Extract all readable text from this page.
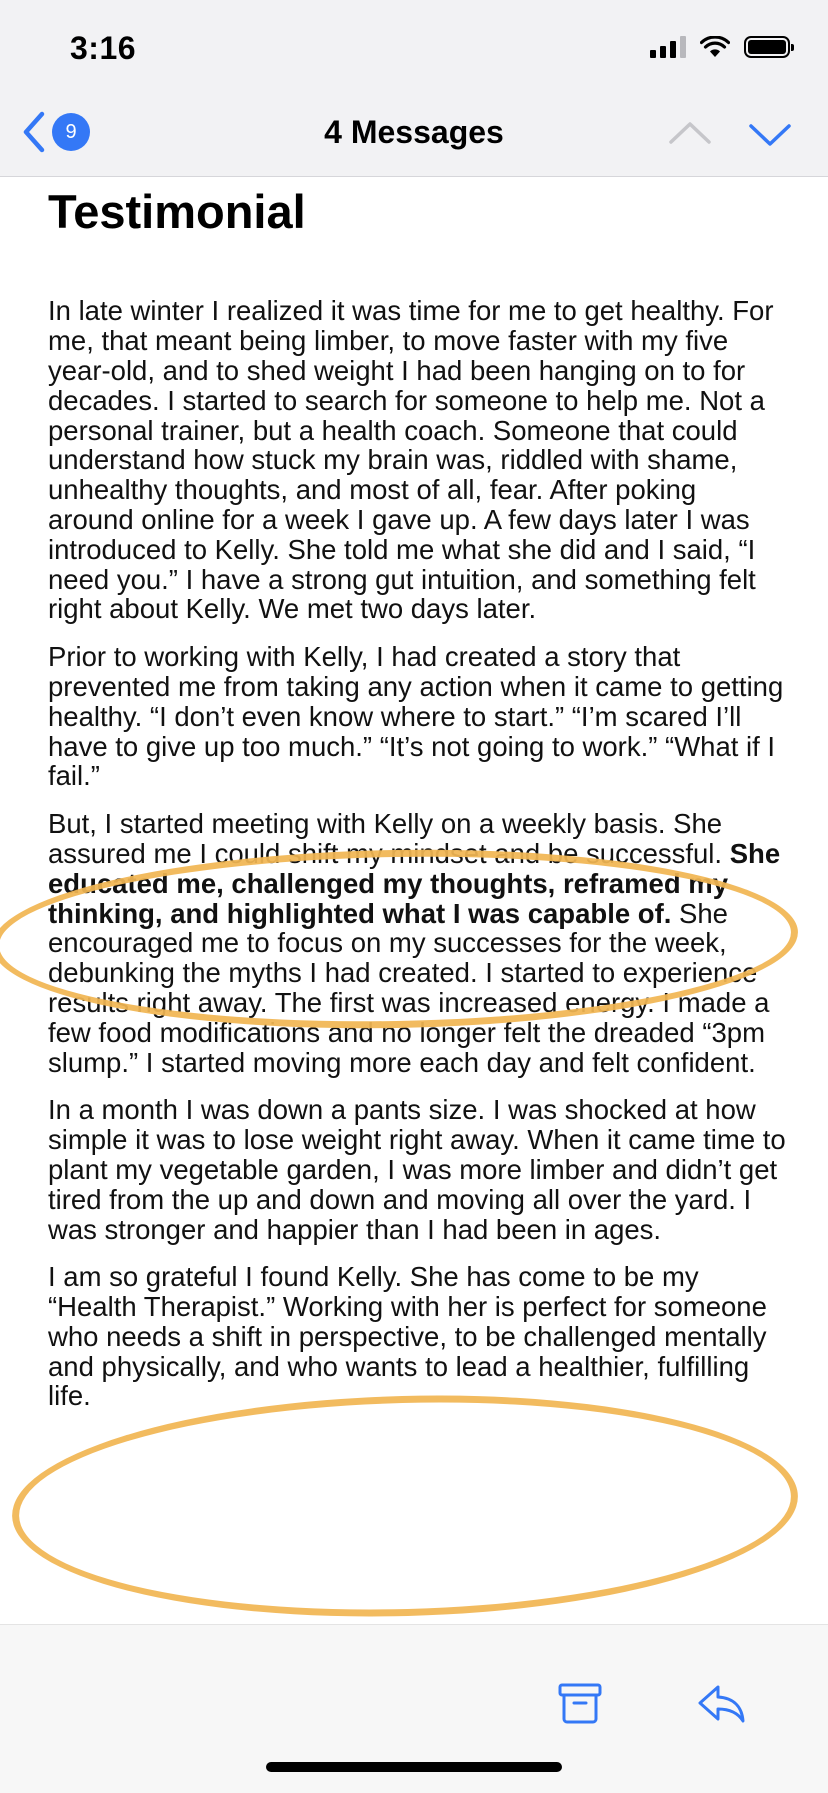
3:16
9	4 Messages
Testimonial

In late winter I realized it was time for me to get healthy. For me, that meant being limber, to move faster with my five year-old, and to shed weight I had been hanging on to for decades. I started to search for someone to help me. Not a personal trainer, but a health coach. Someone that could understand how stuck my brain was, riddled with shame, unhealthy thoughts, and most of all, fear. After poking around online for a week I gave up. A few days later I was introduced to Kelly. She told me what she did and I said, “I need you.” I have a strong gut intuition, and something felt right about Kelly. We met two days later.

Prior to working with Kelly, I had created a story that prevented me from taking any action when it came to getting healthy. “I don’t even know where to start.” “I’m scared I’ll have to give up too much.” “It’s not going to work.” “What if I fail.”

But, I started meeting with Kelly on a weekly basis. She assured me I could shift my mindset and be successful. She educated me, challenged my thoughts, reframed my thinking, and highlighted what I was capable of. She encouraged me to focus on my successes for the week, debunking the myths I had created. I started to experience results right away. The first was increased energy. I made a few food modifications and no longer felt the dreaded “3pm slump.” I started moving more each day and felt confident.

In a month I was down a pants size. I was shocked at how simple it was to lose weight right away. When it came time to plant my vegetable garden, I was more limber and didn’t get tired from the up and down and moving all over the yard. I was stronger and happier than I had been in ages.

I am so grateful I found Kelly. She has come to be my “Health Therapist.” Working with her is perfect for someone who needs a shift in perspective, to be challenged mentally and physically, and who wants to lead a healthier, fulfilling life.
